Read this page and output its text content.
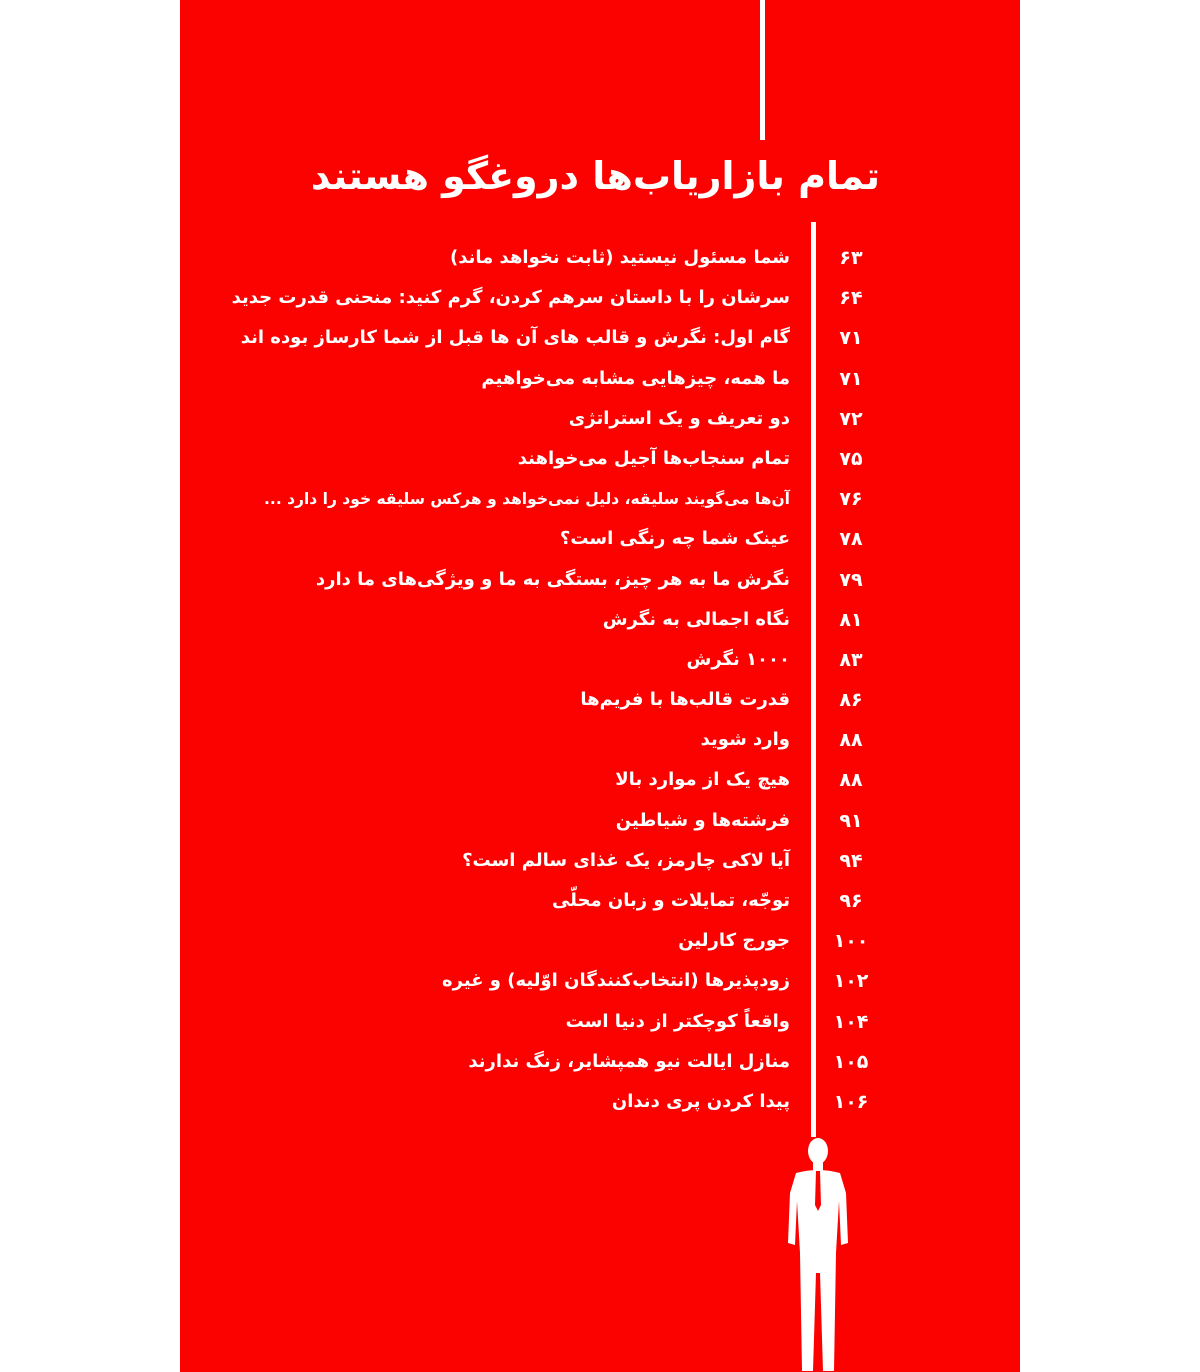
تمام بازاریاب‌ها دروغگو هستند
۶۳
شما مسئول نیستید (ثابت نخواهد ماند)
۶۴
سرشان را با داستان سرهم کردن، گرم کنید: منحنی قدرت جدید
۷۱
گام اول: نگرش و قالب های آن ها قبل از شما کارساز بوده اند
۷۱
ما همه، چیزهایی مشابه می‌خواهیم
۷۲
دو تعریف و یک استراتژی
۷۵
تمام سنجاب‌ها آجیل می‌خواهند
۷۶
آن‌ها می‌گویند سلیقه، دلیل نمی‌خواهد و هرکس سلیقه خود را دارد ...
۷۸
عینک شما چه رنگی است؟
۷۹
نگرش ما به هر چیز، بستگی به ما و ویژگی‌های ما دارد
۸۱
نگاه اجمالی به نگرش
۸۳
۱۰۰۰ نگرش
۸۶
قدرت قالب‌ها با فریم‌ها
۸۸
وارد شوید
۸۸
هیچ یک از موارد بالا
۹۱
فرشته‌ها و شیاطین
۹۴
آیا لاکی چارمز، یک غذای سالم است؟
۹۶
توجّه، تمایلات و زبان محلّی
۱۰۰
جورج کارلین
۱۰۲
زودپذیرها (انتخاب‌کنندگان اوّلیه) و غیره
۱۰۴
واقعاً کوچکتر از دنیا است
۱۰۵
منازل ایالت نیو همپشایر، زنگ ندارند
۱۰۶
پیدا کردن پری دندان
